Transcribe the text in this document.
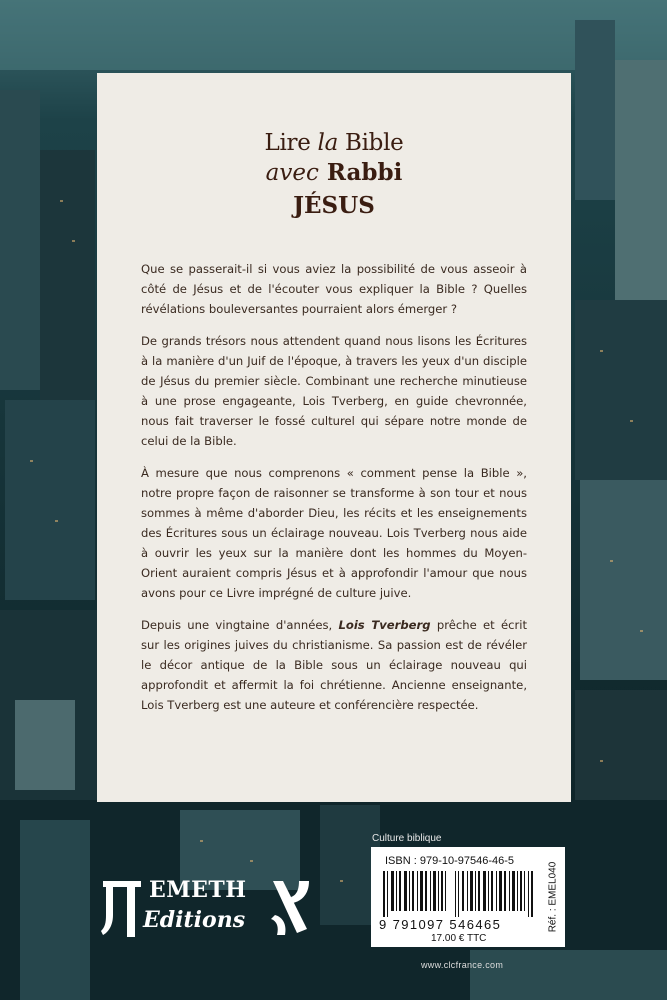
Lire la Bible
avec Rabbi
JÉSUS

Que se passerait-il si vous aviez la possibilité de vous asseoir à côté de Jésus et de l'écouter vous expliquer la Bible ? Quelles révélations bouleversantes pourraient alors émerger ?

De grands trésors nous attendent quand nous lisons les Écritures à la manière d'un Juif de l'époque, à travers les yeux d'un disciple de Jésus du premier siècle. Combinant une recherche minutieuse à une prose engageante, Lois Tverberg, en guide chevronnée, nous fait traverser le fossé culturel qui sépare notre monde de celui de la Bible.

À mesure que nous comprenons « comment pense la Bible », notre propre façon de raisonner se transforme à son tour et nous sommes à même d'aborder Dieu, les récits et les enseignements des Écritures sous un éclairage nouveau. Lois Tverberg nous aide à ouvrir les yeux sur la manière dont les hommes du Moyen-Orient auraient compris Jésus et à approfondir l'amour que nous avons pour ce Livre imprégné de culture juive.

Depuis une vingtaine d'années, Lois Tverberg prêche et écrit sur les origines juives du christianisme. Sa passion est de révéler le décor antique de la Bible sous un éclairage nouveau qui approfondit et affermit la foi chrétienne. Ancienne enseignante, Lois Tverberg est une auteure et conférencière respectée.

EMETH
Editions
Culture biblique
ISBN : 979-10-97546-46-5
9 791097 546465
17.00 € TTC
Réf. : EMEL040
www.clcfrance.com
